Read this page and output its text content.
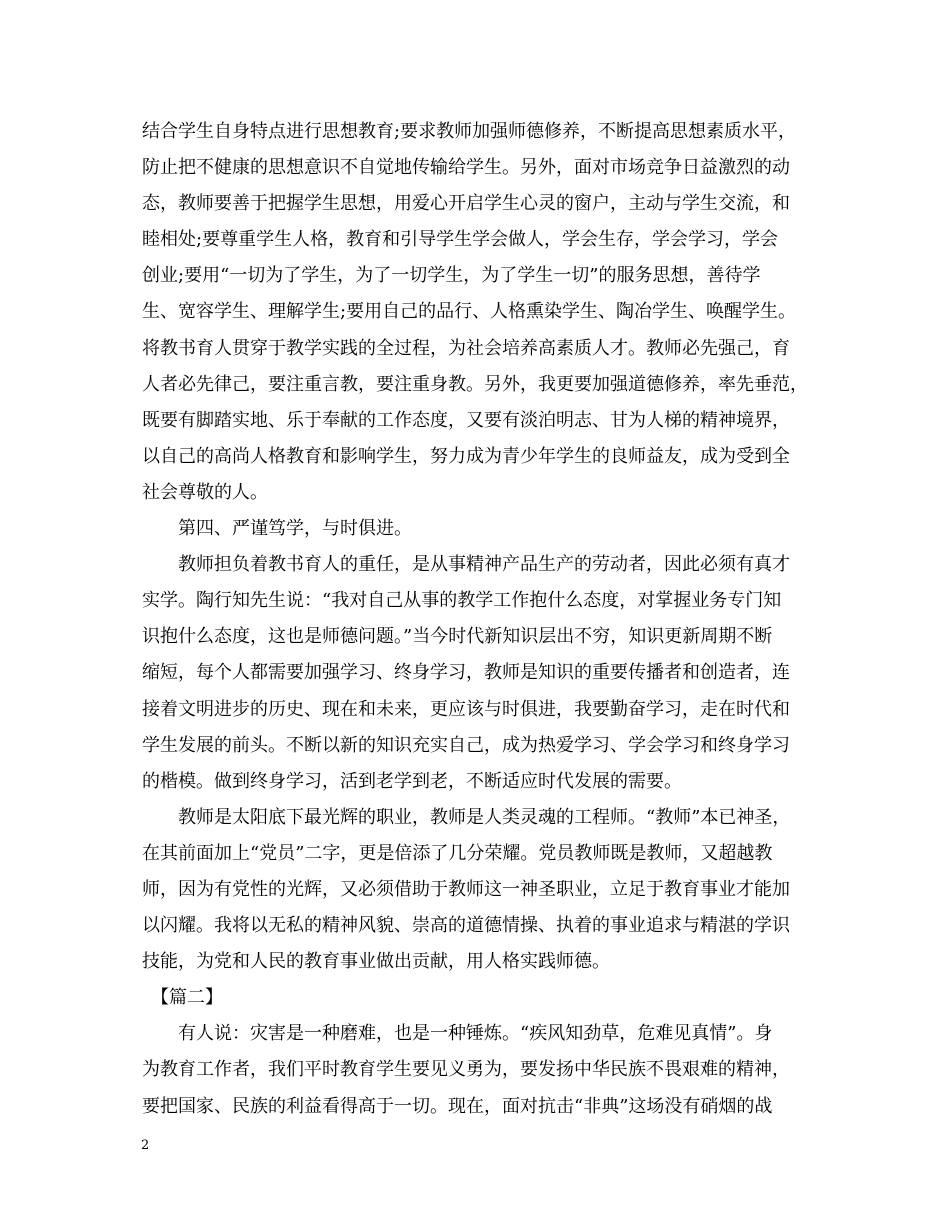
结合学生自身特点进行思想教育;要求教师加强师德修养，不断提高思想素质水平，
防止把不健康的思想意识不自觉地传输给学生。另外，面对市场竞争日益激烈的动
态，教师要善于把握学生思想，用爱心开启学生心灵的窗户，主动与学生交流，和
睦相处;要尊重学生人格，教育和引导学生学会做人，学会生存，学会学习，学会
创业;要用“一切为了学生，为了一切学生，为了学生一切”的服务思想，善待学
生、宽容学生、理解学生;要用自己的品行、人格熏染学生、陶冶学生、唤醒学生。
将教书育人贯穿于教学实践的全过程，为社会培养高素质人才。教师必先强己，育
人者必先律己，要注重言教，要注重身教。另外，我更要加强道德修养，率先垂范，
既要有脚踏实地、乐于奉献的工作态度，又要有淡泊明志、甘为人梯的精神境界，
以自己的高尚人格教育和影响学生，努力成为青少年学生的良师益友，成为受到全
社会尊敬的人。
　　第四、严谨笃学，与时俱进。
　　教师担负着教书育人的重任，是从事精神产品生产的劳动者，因此必须有真才
实学。陶行知先生说：“我对自己从事的教学工作抱什么态度，对掌握业务专门知
识抱什么态度，这也是师德问题。”当今时代新知识层出不穷，知识更新周期不断
缩短，每个人都需要加强学习、终身学习，教师是知识的重要传播者和创造者，连
接着文明进步的历史、现在和未来，更应该与时俱进，我要勤奋学习，走在时代和
学生发展的前头。不断以新的知识充实自己，成为热爱学习、学会学习和终身学习
的楷模。做到终身学习，活到老学到老，不断适应时代发展的需要。
　　教师是太阳底下最光辉的职业，教师是人类灵魂的工程师。“教师”本已神圣，
在其前面加上“党员”二字，更是倍添了几分荣耀。党员教师既是教师，又超越教
师，因为有党性的光辉，又必须借助于教师这一神圣职业，立足于教育事业才能加
以闪耀。我将以无私的精神风貌、崇高的道德情操、执着的事业追求与精湛的学识
技能，为党和人民的教育事业做出贡献，用人格实践师德。
　【篇二】
　　有人说：灾害是一种磨难，也是一种锤炼。“疾风知劲草，危难见真情”。身
为教育工作者，我们平时教育学生要见义勇为，要发扬中华民族不畏艰难的精神，
要把国家、民族的利益看得高于一切。现在，面对抗击“非典”这场没有硝烟的战
2
